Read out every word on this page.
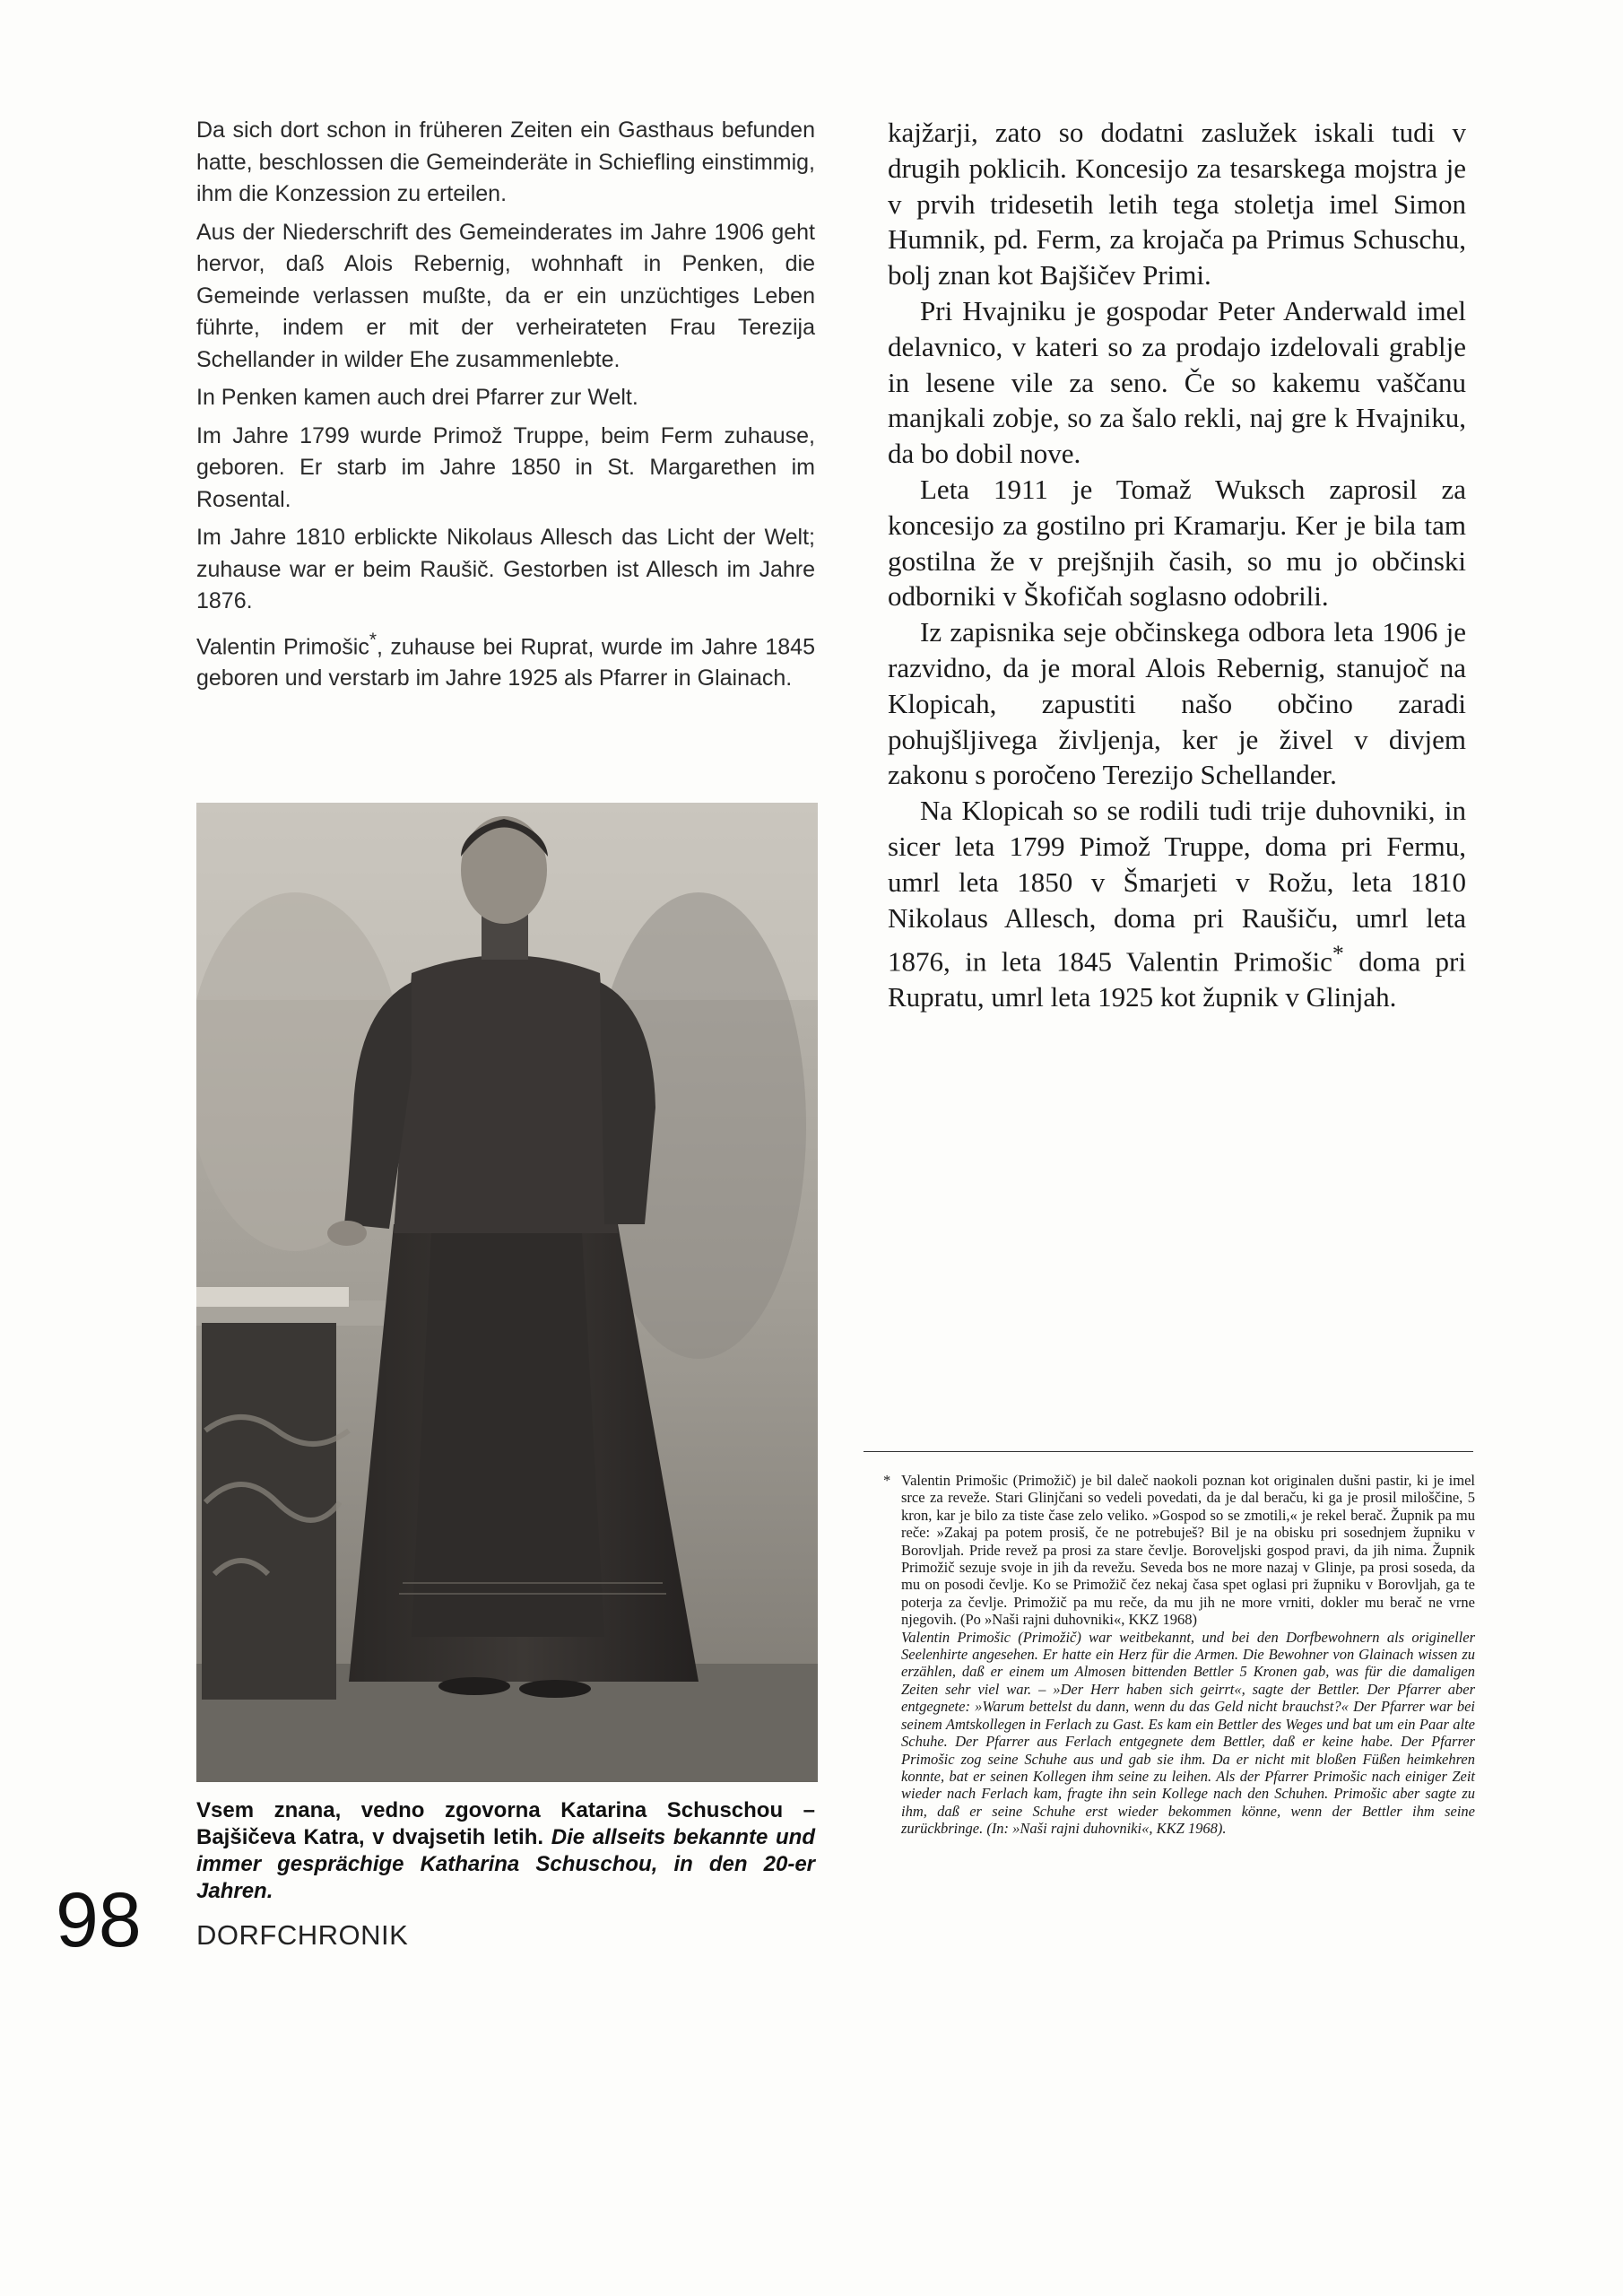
Da sich dort schon in früheren Zeiten ein Gasthaus befunden hatte, beschlossen die Gemeinderäte in Schiefling einstimmig, ihm die Konzession zu erteilen.

Aus der Niederschrift des Gemeinderates im Jahre 1906 geht hervor, daß Alois Rebernig, wohnhaft in Penken, die Gemeinde verlassen mußte, da er ein unzüchtiges Leben führte, indem er mit der verheirateten Frau Terezija Schellander in wilder Ehe zusammenlebte.

In Penken kamen auch drei Pfarrer zur Welt.

Im Jahre 1799 wurde Primož Truppe, beim Ferm zuhause, geboren. Er starb im Jahre 1850 in St. Margarethen im Rosental.

Im Jahre 1810 erblickte Nikolaus Allesch das Licht der Welt; zuhause war er beim Raušič. Gestorben ist Allesch im Jahre 1876.

Valentin Primošic*, zuhause bei Ruprat, wurde im Jahre 1845 geboren und verstarb im Jahre 1925 als Pfarrer in Glainach.

Vsem znana, vedno zgovorna Katarina Schuschou – Bajšičeva Katra, v dvajsetih letih. Die allseits bekannte und immer gesprächige Katharina Schuschou, in den 20-er Jahren.
98 DORFCHRONIK

kajžarji, zato so dodatni zaslužek iskali tudi v drugih poklicih. Koncesijo za tesarskega mojstra je v prvih tridesetih letih tega stoletja imel Simon Humnik, pd. Ferm, za krojača pa Primus Schuschu, bolj znan kot Bajšičev Primi.

Pri Hvajniku je gospodar Peter Anderwald imel delavnico, v kateri so za prodajo izdelovali grablje in lesene vile za seno. Če so kakemu vaščanu manjkali zobje, so za šalo rekli, naj gre k Hvajniku, da bo dobil nove.

Leta 1911 je Tomaž Wuksch zaprosil za koncesijo za gostilno pri Kramarju. Ker je bila tam gostilna že v prejšnjih časih, so mu jo občinski odborniki v Škofičah soglasno odobrili.

Iz zapisnika seje občinskega odbora leta 1906 je razvidno, da je moral Alois Rebernig, stanujoč na Klopicah, zapustiti našo občino zaradi pohujšljivega življenja, ker je živel v divjem zakonu s poročeno Terezijo Schellander.

Na Klopicah so se rodili tudi trije duhovniki, in sicer leta 1799 Pimož Truppe, doma pri Fermu, umrl leta 1850 v Šmarjeti v Rožu, leta 1810 Nikolaus Allesch, doma pri Raušiču, umrl leta 1876, in leta 1845 Valentin Primošic* doma pri Rupratu, umrl leta 1925 kot župnik v Glinjah.

* Valentin Primošic (Primožič) je bil daleč naokoli poznan kot originalen dušni pastir, ki je imel srce za reveže. Stari Glinjčani so vedeli povedati, da je dal beraču, ki ga je prosil miloščine, 5 kron, kar je bilo za tiste čase zelo veliko. »Gospod so se zmotili,« je rekel berač. Župnik pa mu reče: »Zakaj pa potem prosiš, če ne potrebuješ? Bil je na obisku pri sosednjem župniku v Borovljah. Pride revež pa prosi za stare čevlje. Boroveljski gospod pravi, da jih nima. Župnik Primožič sezuje svoje in jih da revežu. Seveda bos ne more nazaj v Glinje, pa prosi soseda, da mu on posodi čevlje. Ko se Primožič čez nekaj časa spet oglasi pri župniku v Borovljah, ga te poterja za čevlje. Primožič pa mu reče, da mu jih ne more vrniti, dokler mu berač ne vrne njegovih. (Po »Naši rajni duhovniki«, KKZ 1968)

Valentin Primošic (Primožič) war weitbekannt, und bei den Dorfbewohnern als origineller Seelenhirte angesehen. Er hatte ein Herz für die Armen. Die Bewohner von Glainach wissen zu erzählen, daß er einem um Almosen bittenden Bettler 5 Kronen gab, was für die damaligen Zeiten sehr viel war. – »Der Herr haben sich geirrt«, sagte der Bettler. Der Pfarrer aber entgegnete: »Warum bettelst du dann, wenn du das Geld nicht brauchst?« Der Pfarrer war bei seinem Amtskollegen in Ferlach zu Gast. Es kam ein Bettler des Weges und bat um ein Paar alte Schuhe. Der Pfarrer aus Ferlach entgegnete dem Bettler, daß er keine habe. Der Pfarrer Primošic zog seine Schuhe aus und gab sie ihm. Da er nicht mit bloßen Füßen heimkehren konnte, bat er seinen Kollegen ihm seine zu leihen. Als der Pfarrer Primošic nach einiger Zeit wieder nach Ferlach kam, fragte ihn sein Kollege nach den Schuhen. Primošic aber sagte zu ihm, daß er seine Schuhe erst wieder bekommen könne, wenn der Bettler ihm seine zurückbringe. (In: »Naši rajni duhovniki«, KKZ 1968).
